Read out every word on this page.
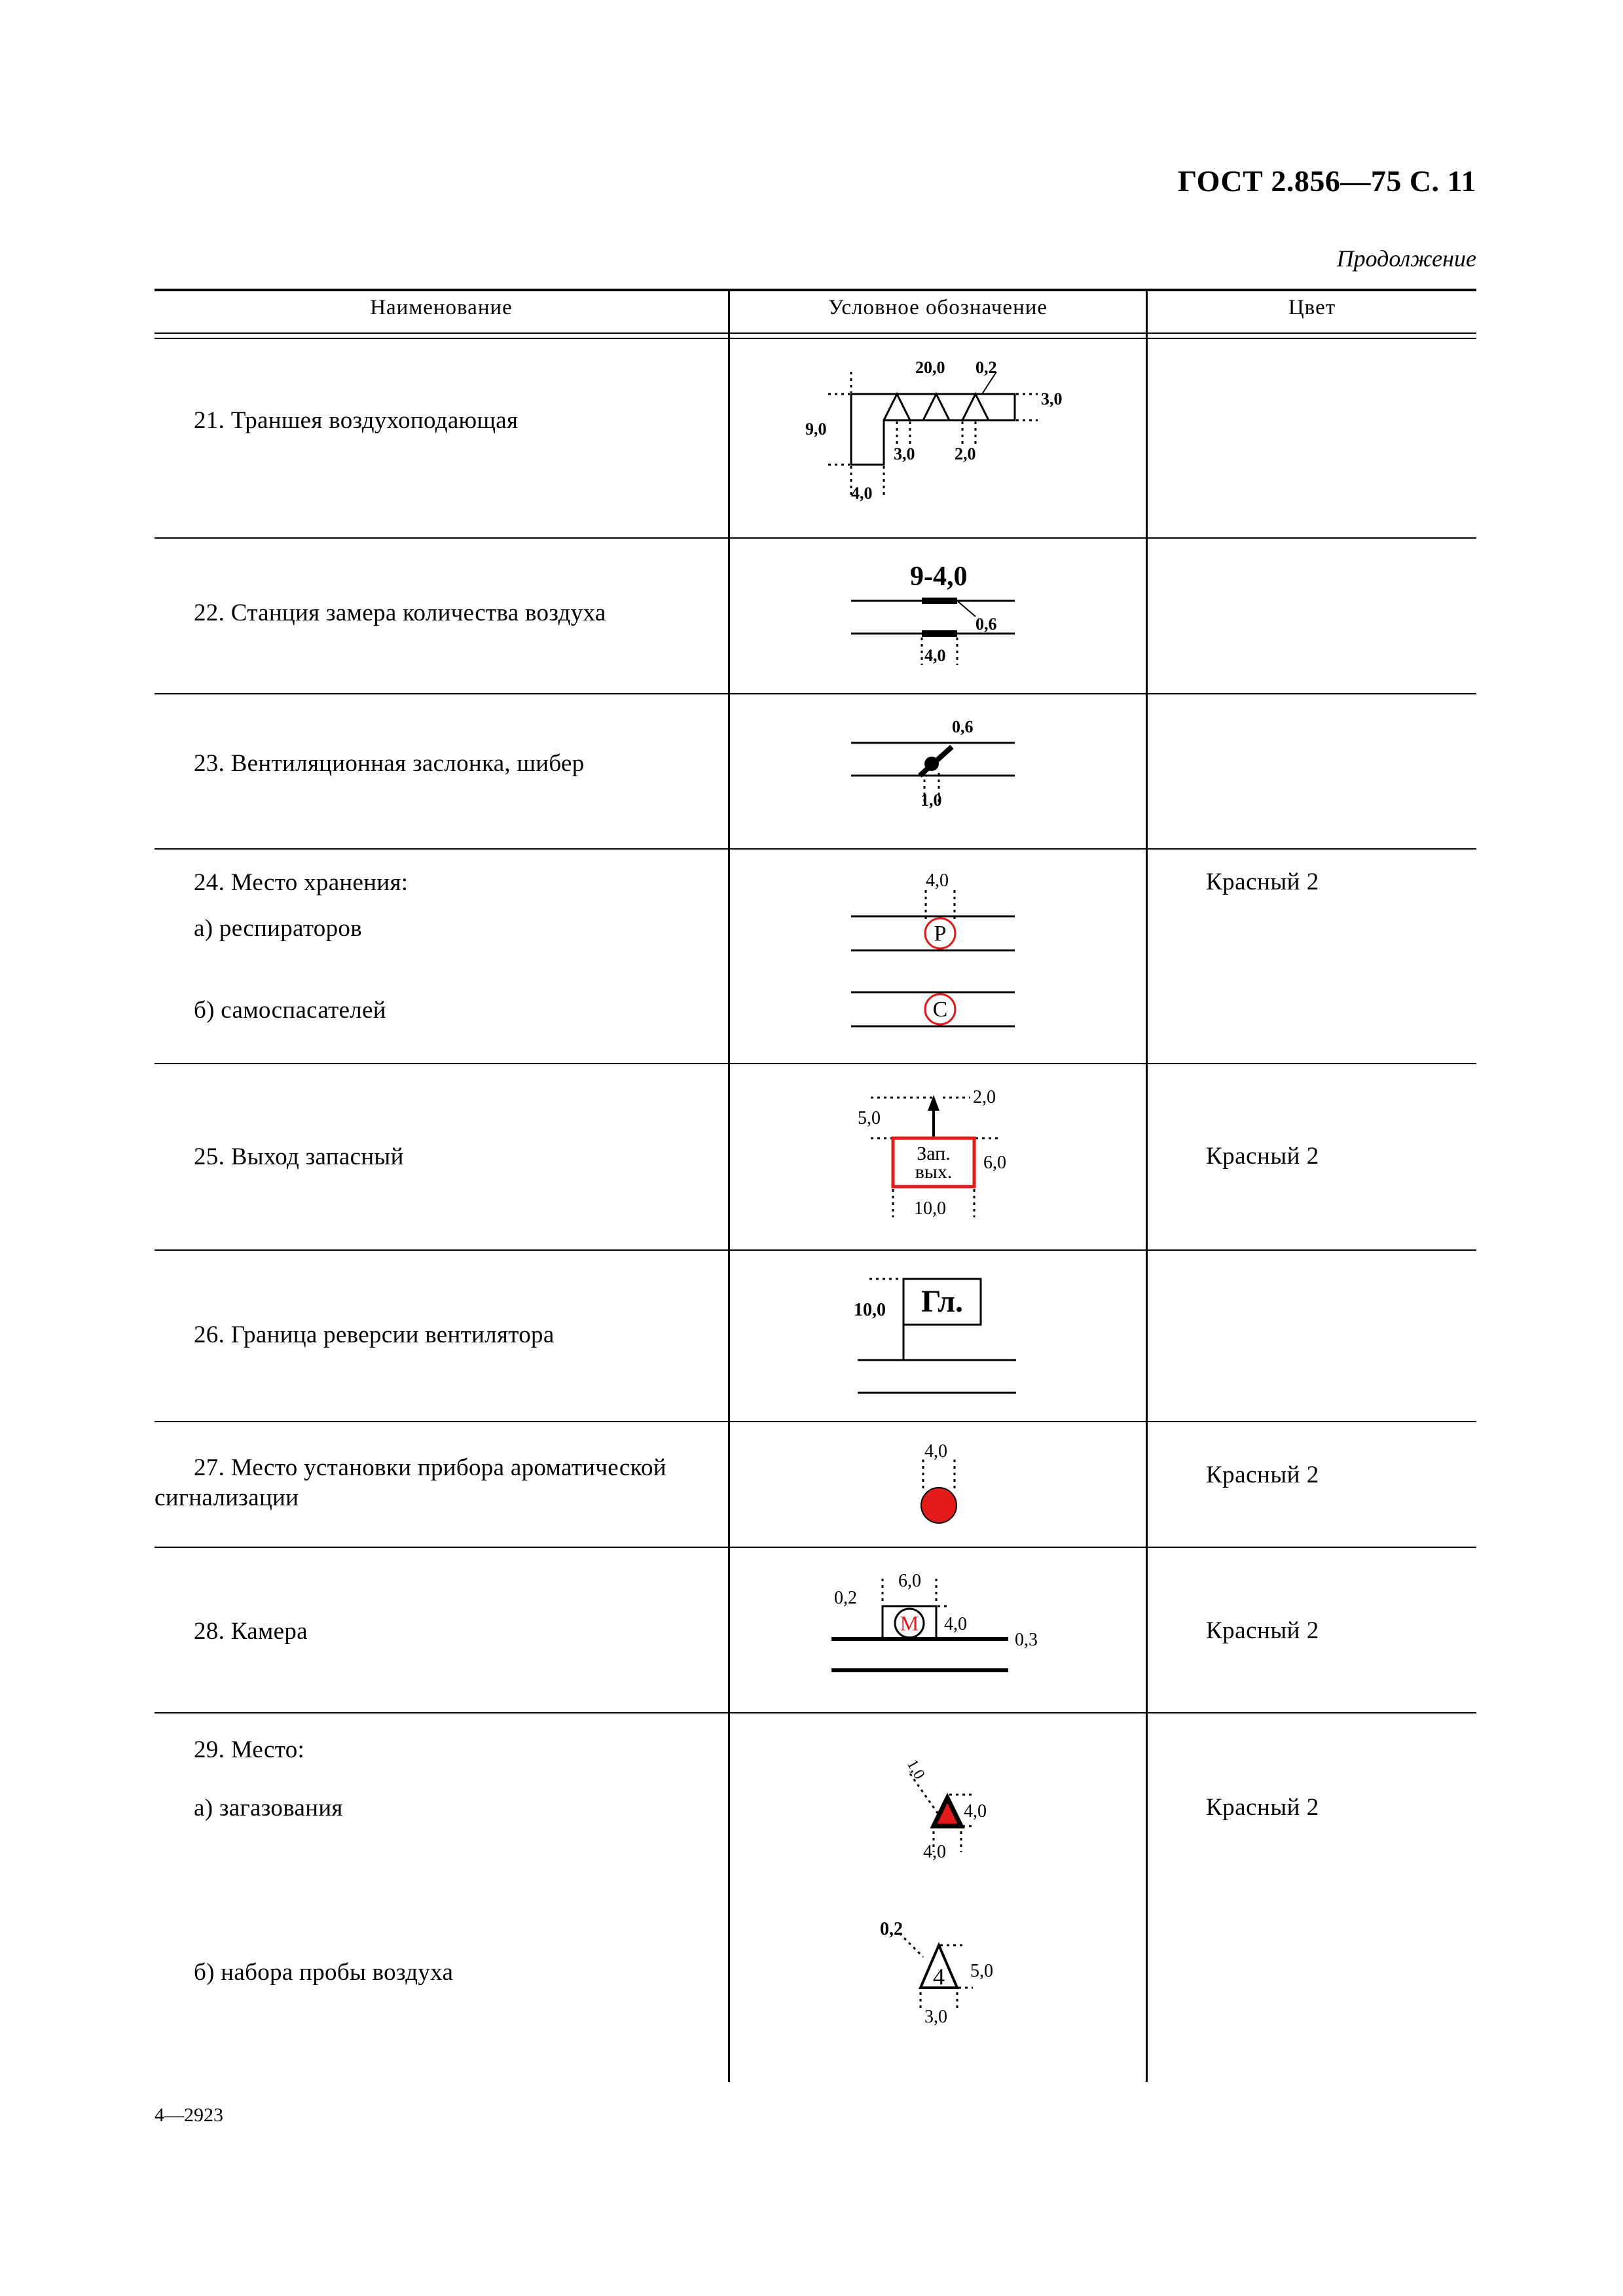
ГОСТ 2.856—75 С. 11
Продолжение
Наименование	Условное обозначение	Цвет
21. Траншея воздухоподающая
22. Станция замера количества воздуха
23. Вентиляционная заслонка, шибер
24. Место хранения:
а) респираторов
б) самоспасателей
25. Выход запасный
26. Граница реверсии вентилятора
27. Место установки прибора ароматической
сигнализации
28. Камера
29. Место:
а) загазования
б) набора пробы воздуха
Красный 2
Красный 2
Красный 2
Красный 2
Красный 2
20,0 0,2
3,0
9,0
3,0 2,0
4,0
9-4,0
0,6
4,0
0,6
1,0
Р
С
4,0
Зап.
вых.
2,0
5,0
6,0
10,0
Гл.
10,0
4,0
М
6,0
0,2
4,0
0,3
1,0
4,0
4,0
4
0,2
5,0
3,0
4—2923
